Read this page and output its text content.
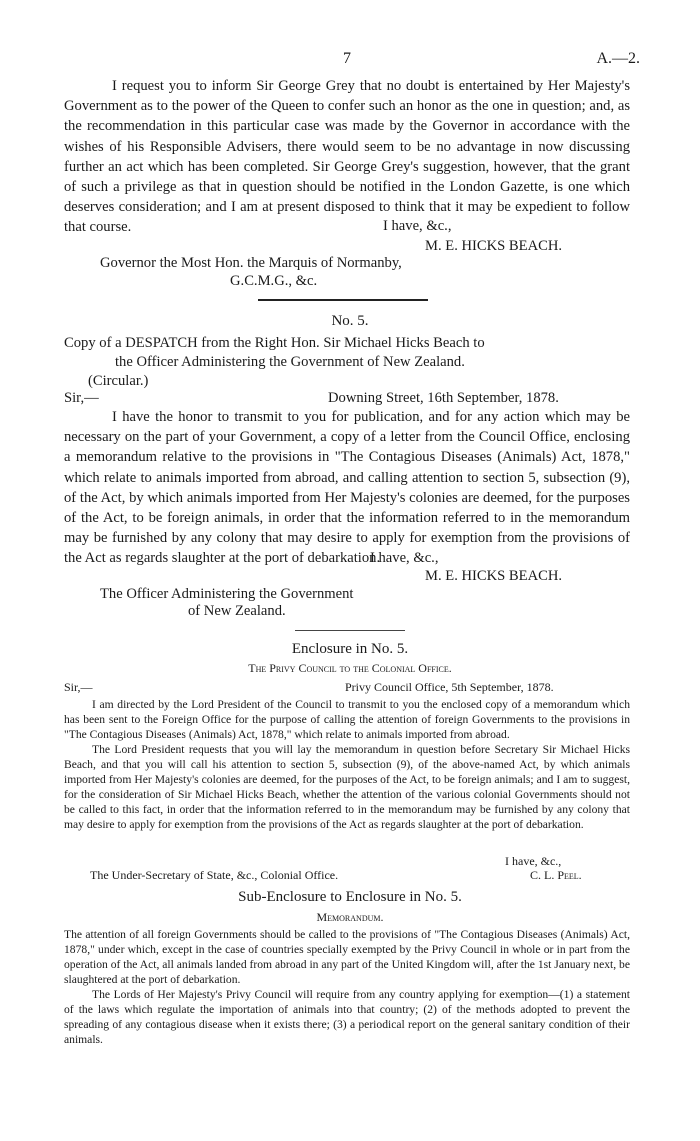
7	A.—2.

I request you to inform Sir George Grey that no doubt is entertained by Her Majesty's Government as to the power of the Queen to confer such an honor as the one in question; and, as the recommendation in this particular case was made by the Governor in accordance with the wishes of his Responsible Advisers, there would seem to be no advantage in now discussing further an act which has been completed. Sir George Grey's suggestion, however, that the grant of such a privilege as that in question should be notified in the London Gazette, is one which deserves consideration; and I am at present disposed to think that it may be expedient to follow that course.	I have, &c.,
M. E. HICKS BEACH.
Governor the Most Hon. the Marquis of Normanby,
G.C.M.G., &c.
No. 5.
Copy of a DESPATCH from the Right Hon. Sir Michael Hicks Beach to
the Officer Administering the Government of New Zealand.
(Circular.)
Sir,—	Downing Street, 16th September, 1878.

I have the honor to transmit to you for publication, and for any action which may be necessary on the part of your Government, a copy of a letter from the Council Office, enclosing a memorandum relative to the provisions in "The Contagious Diseases (Animals) Act, 1878," which relate to animals imported from abroad, and calling attention to section 5, subsection (9), of the Act, by which animals imported from Her Majesty's colonies are deemed, for the purposes of the Act, to be foreign animals, in order that the information referred to in the memorandum may be furnished by any colony that may desire to apply for exemption from the provisions of the Act as regards slaughter at the port of debarkation.

I have, &c.,
M. E. HICKS BEACH.
The Officer Administering the Government
of New Zealand.
Enclosure in No. 5.
The Privy Council to the Colonial Office.
Sir,—	Privy Council Office, 5th September, 1878.

I am directed by the Lord President of the Council to transmit to you the enclosed copy of a memorandum which has been sent to the Foreign Office for the purpose of calling the attention of foreign Governments to the provisions in "The Contagious Diseases (Animals) Act, 1878," which relate to animals imported from abroad.

The Lord President requests that you will lay the memorandum in question before Secretary Sir Michael Hicks Beach, and that you will call his attention to section 5, subsection (9), of the above-named Act, by which animals imported from Her Majesty's colonies are deemed, for the purposes of the Act, to be foreign animals; and I am to suggest, for the consideration of Sir Michael Hicks Beach, whether the attention of the various colonial Governments should not be called to this fact, in order that the information referred to in the memorandum may be furnished by any colony that may desire to apply for exemption from the provisions of the Act as regards slaughter at the port of debarkation.

I have, &c.,
The Under-Secretary of State, &c., Colonial Office.	C. L. Peel.
Sub-Enclosure to Enclosure in No. 5.
Memorandum.

The attention of all foreign Governments should be called to the provisions of "The Contagious Diseases (Animals) Act, 1878," under which, except in the case of countries specially exempted by the Privy Council in whole or in part from the operation of the Act, all animals landed from abroad in any part of the United Kingdom will, after the 1st January next, be slaughtered at the port of debarkation.

The Lords of Her Majesty's Privy Council will require from any country applying for exemption—(1) a statement of the laws which regulate the importation of animals into that country; (2) of the methods adopted to prevent the spreading of any contagious disease when it exists there; (3) a periodical report on the general sanitary condition of their animals.
